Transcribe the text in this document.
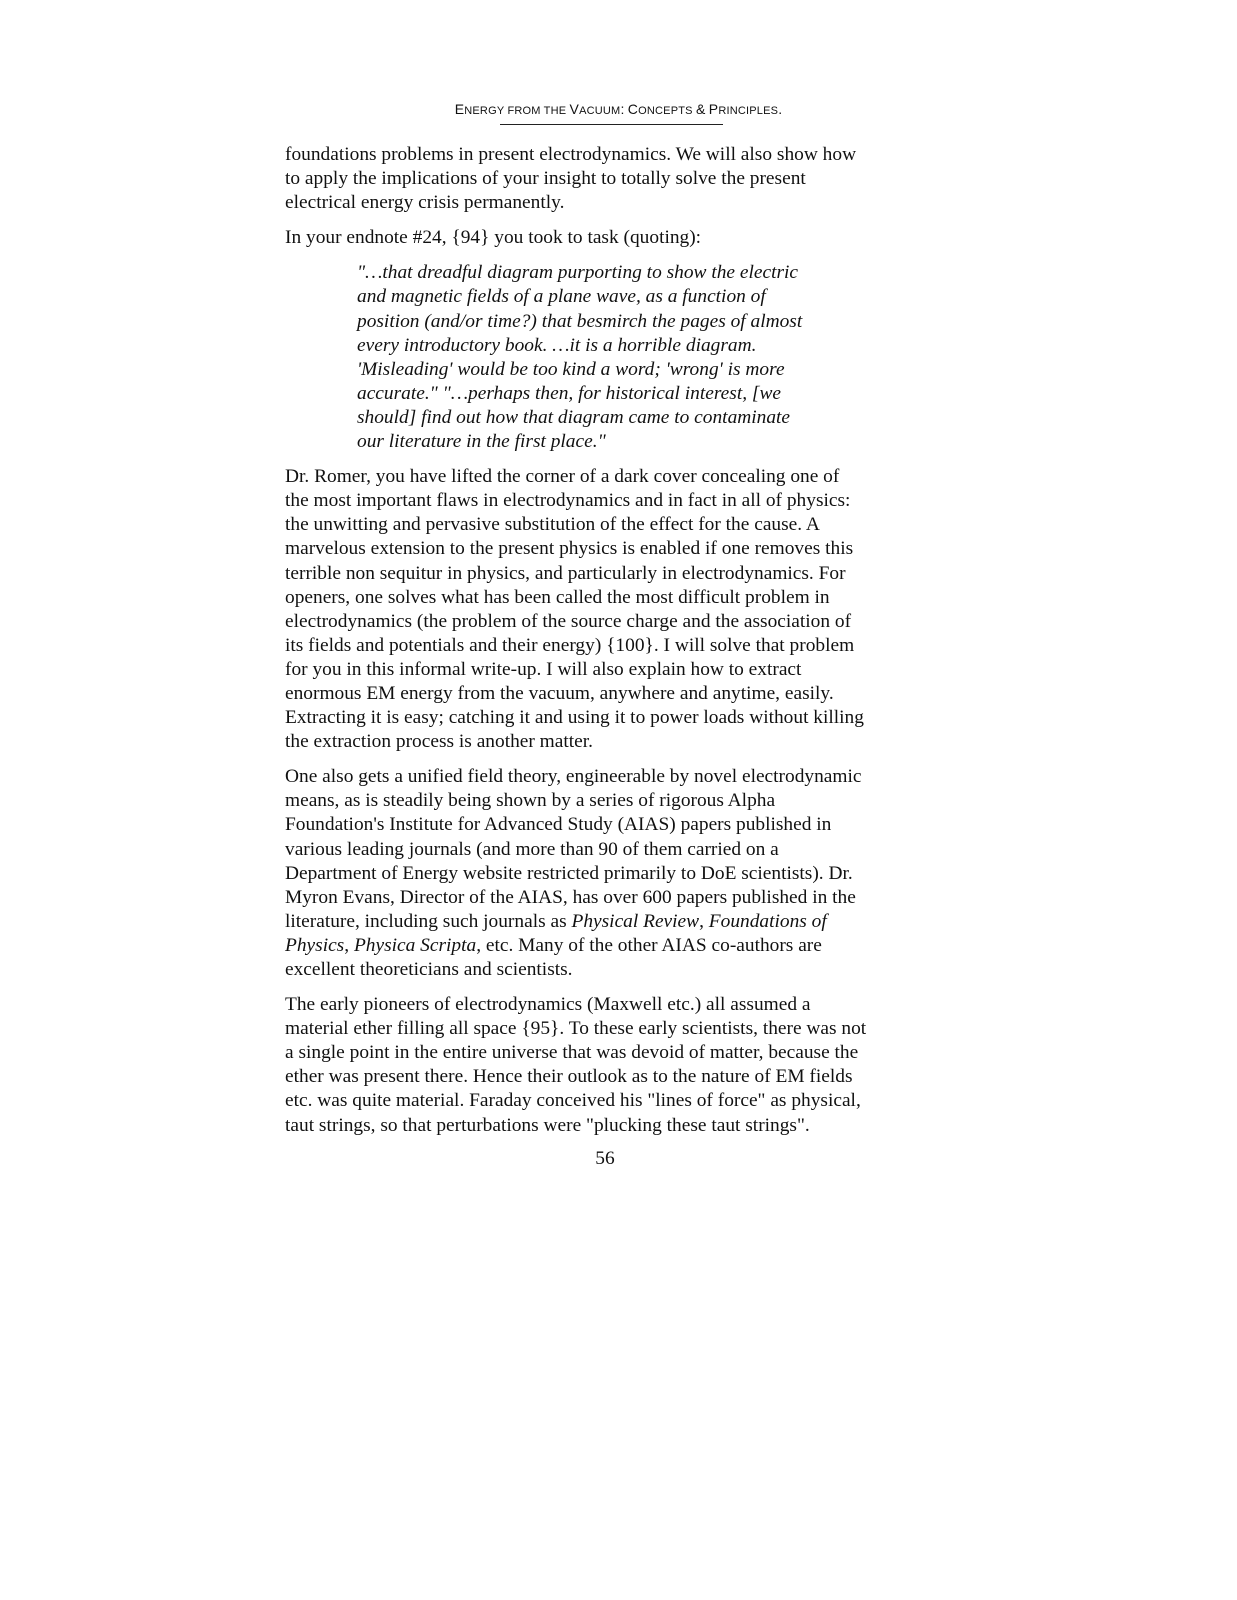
ENERGY FROM THE VACUUM: CONCEPTS & PRINCIPLES.

foundations problems in present electrodynamics. We will also show how
to apply the implications of your insight to totally solve the present
electrical energy crisis permanently.

In your endnote #24, {94} you took to task (quoting):

"…that dreadful diagram purporting to show the electric
and magnetic fields of a plane wave, as a function of
position (and/or time?) that besmirch the pages of almost
every introductory book. …it is a horrible diagram.
'Misleading' would be too kind a word; 'wrong' is more
accurate." "…perhaps then, for historical interest, [we
should] find out how that diagram came to contaminate
our literature in the first place."

Dr. Romer, you have lifted the corner of a dark cover concealing one of
the most important flaws in electrodynamics and in fact in all of physics:
the unwitting and pervasive substitution of the effect for the cause. A
marvelous extension to the present physics is enabled if one removes this
terrible non sequitur in physics, and particularly in electrodynamics. For
openers, one solves what has been called the most difficult problem in
electrodynamics (the problem of the source charge and the association of
its fields and potentials and their energy) {100}. I will solve that problem
for you in this informal write-up. I will also explain how to extract
enormous EM energy from the vacuum, anywhere and anytime, easily.
Extracting it is easy; catching it and using it to power loads without killing
the extraction process is another matter.

One also gets a unified field theory, engineerable by novel electrodynamic
means, as is steadily being shown by a series of rigorous Alpha
Foundation's Institute for Advanced Study (AIAS) papers published in
various leading journals (and more than 90 of them carried on a
Department of Energy website restricted primarily to DoE scientists). Dr.
Myron Evans, Director of the AIAS, has over 600 papers published in the
literature, including such journals as Physical Review, Foundations of
Physics, Physica Scripta, etc. Many of the other AIAS co-authors are
excellent theoreticians and scientists.

The early pioneers of electrodynamics (Maxwell etc.) all assumed a
material ether filling all space {95}. To these early scientists, there was not
a single point in the entire universe that was devoid of matter, because the
ether was present there. Hence their outlook as to the nature of EM fields
etc. was quite material. Faraday conceived his "lines of force" as physical,
taut strings, so that perturbations were "plucking these taut strings".

56
